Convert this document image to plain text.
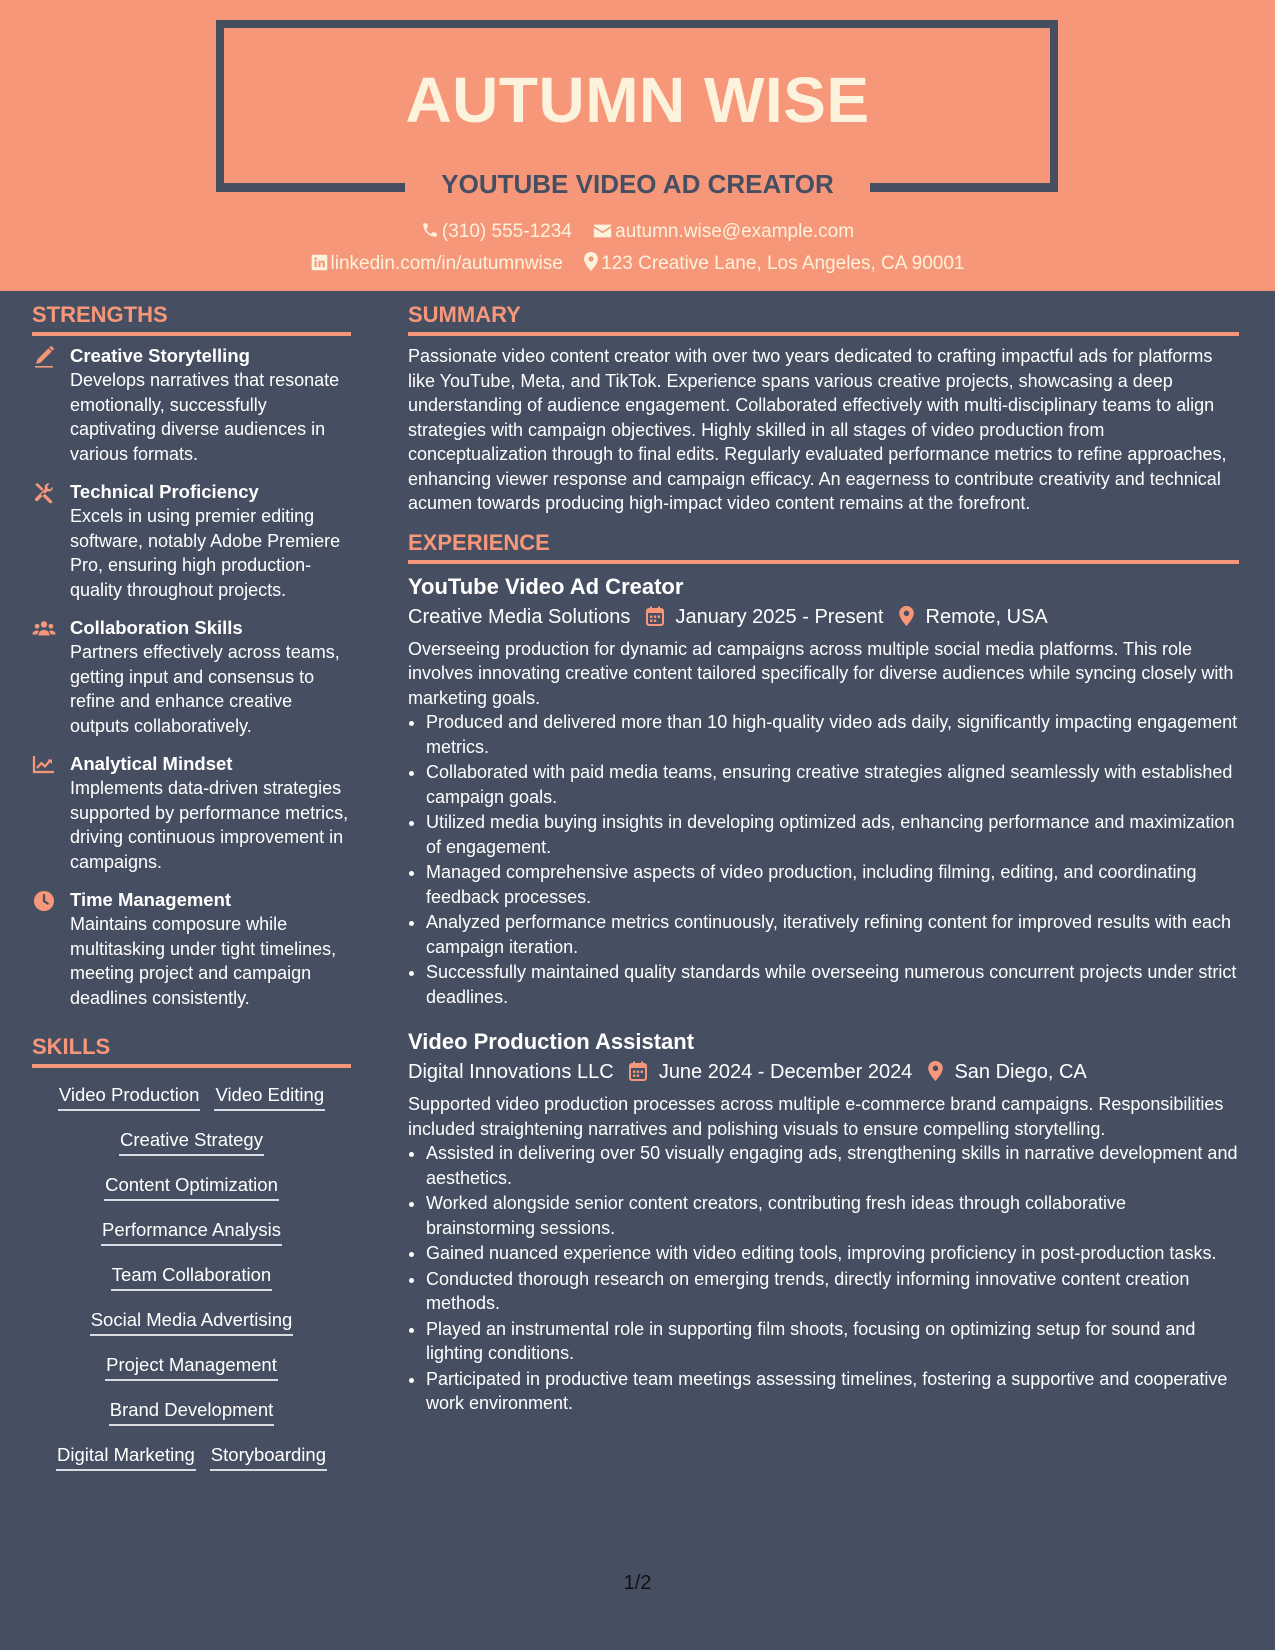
AUTUMN WISE
YOUTUBE VIDEO AD CREATOR
(310) 555-1234 autumn.wise@example.com
linkedin.com/in/autumnwise 123 Creative Lane, Los Angeles, CA 90001
STRENGTHS
Creative Storytelling
Develops narratives that resonate emotionally, successfully captivating diverse audiences in various formats.
Technical Proficiency
Excels in using premier editing software, notably Adobe Premiere Pro, ensuring high production-quality throughout projects.
Collaboration Skills
Partners effectively across teams, getting input and consensus to refine and enhance creative outputs collaboratively.
Analytical Mindset
Implements data-driven strategies supported by performance metrics, driving continuous improvement in campaigns.
Time Management
Maintains composure while multitasking under tight timelines, meeting project and campaign deadlines consistently.
SKILLS
Video Production Video Editing
Creative Strategy
Content Optimization
Performance Analysis
Team Collaboration
Social Media Advertising
Project Management
Brand Development
Digital Marketing Storyboarding
SUMMARY

Passionate video content creator with over two years dedicated to crafting impactful ads for platforms like YouTube, Meta, and TikTok. Experience spans various creative projects, showcasing a deep understanding of audience engagement. Collaborated effectively with multi-disciplinary teams to align strategies with campaign objectives. Highly skilled in all stages of video production from conceptualization through to final edits. Regularly evaluated performance metrics to refine approaches, enhancing viewer response and campaign efficacy. An eagerness to contribute creativity and technical acumen towards producing high-impact video content remains at the forefront.

EXPERIENCE
YouTube Video Ad Creator
Creative Media Solutions January 2025 - Present Remote, USA
Overseeing production for dynamic ad campaigns across multiple social media platforms. This role involves innovating creative content tailored specifically for diverse audiences while syncing closely with marketing goals.
• Produced and delivered more than 10 high-quality video ads daily, significantly impacting engagement metrics.
• Collaborated with paid media teams, ensuring creative strategies aligned seamlessly with established campaign goals.
• Utilized media buying insights in developing optimized ads, enhancing performance and maximization of engagement.
• Managed comprehensive aspects of video production, including filming, editing, and coordinating feedback processes.
• Analyzed performance metrics continuously, iteratively refining content for improved results with each campaign iteration.
• Successfully maintained quality standards while overseeing numerous concurrent projects under strict deadlines.
Video Production Assistant
Digital Innovations LLC June 2024 - December 2024 San Diego, CA
Supported video production processes across multiple e-commerce brand campaigns. Responsibilities included straightening narratives and polishing visuals to ensure compelling storytelling.
• Assisted in delivering over 50 visually engaging ads, strengthening skills in narrative development and aesthetics.
• Worked alongside senior content creators, contributing fresh ideas through collaborative brainstorming sessions.
• Gained nuanced experience with video editing tools, improving proficiency in post-production tasks.
• Conducted thorough research on emerging trends, directly informing innovative content creation methods.
• Played an instrumental role in supporting film shoots, focusing on optimizing setup for sound and lighting conditions.
• Participated in productive team meetings assessing timelines, fostering a supportive and cooperative work environment.
1/2
